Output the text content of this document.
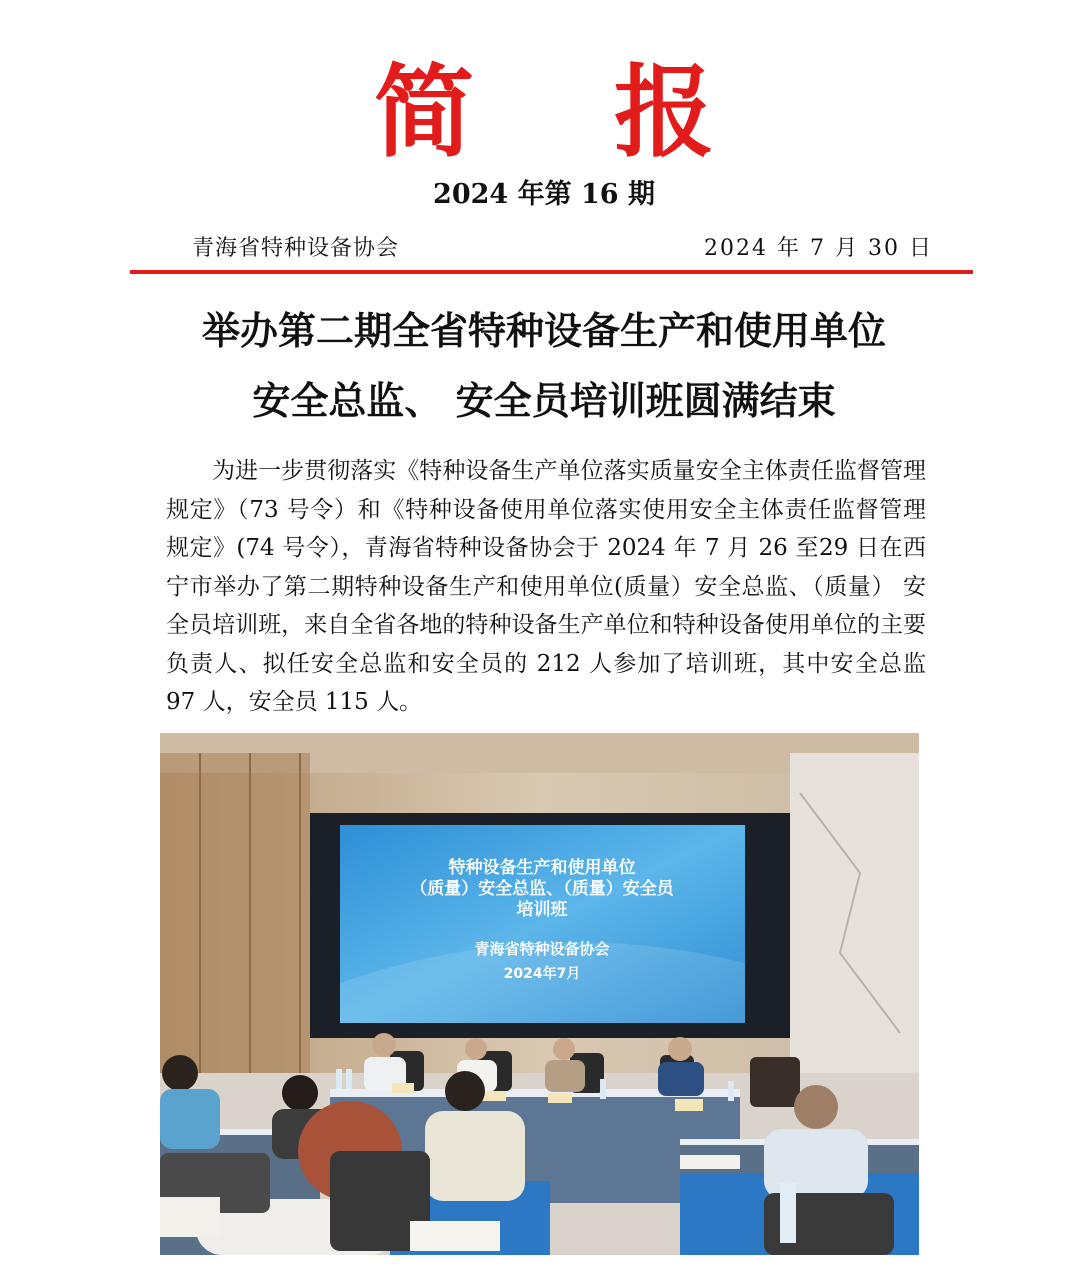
简 报
2024 年第 16 期
青海省特种设备协会	2024 年 7 月 30 日
举办第二期全省特种设备生产和使用单位
安全总监、 安全员培训班圆满结束

为进一步贯彻落实《特种设备生产单位落实质量安全主体责任监督管理规定》（73 号令）和《特种设备使用单位落实使用安全主体责任监督管理规定》(74 号令），青海省特种设备协会于 2024 年 7 月 26 至29 日在西宁市举办了第二期特种设备生产和使用单位(质量）安全总监、（质量） 安全员培训班，来自全省各地的特种设备生产单位和特种设备使用单位的主要负责人、拟任安全总监和安全员的 212 人参加了培训班，其中安全总监 97 人，安全员 115 人。

特种设备生产和使用单位
（质量）安全总监、（质量）安全员
培训班
青海省特种设备协会
2024年7月
